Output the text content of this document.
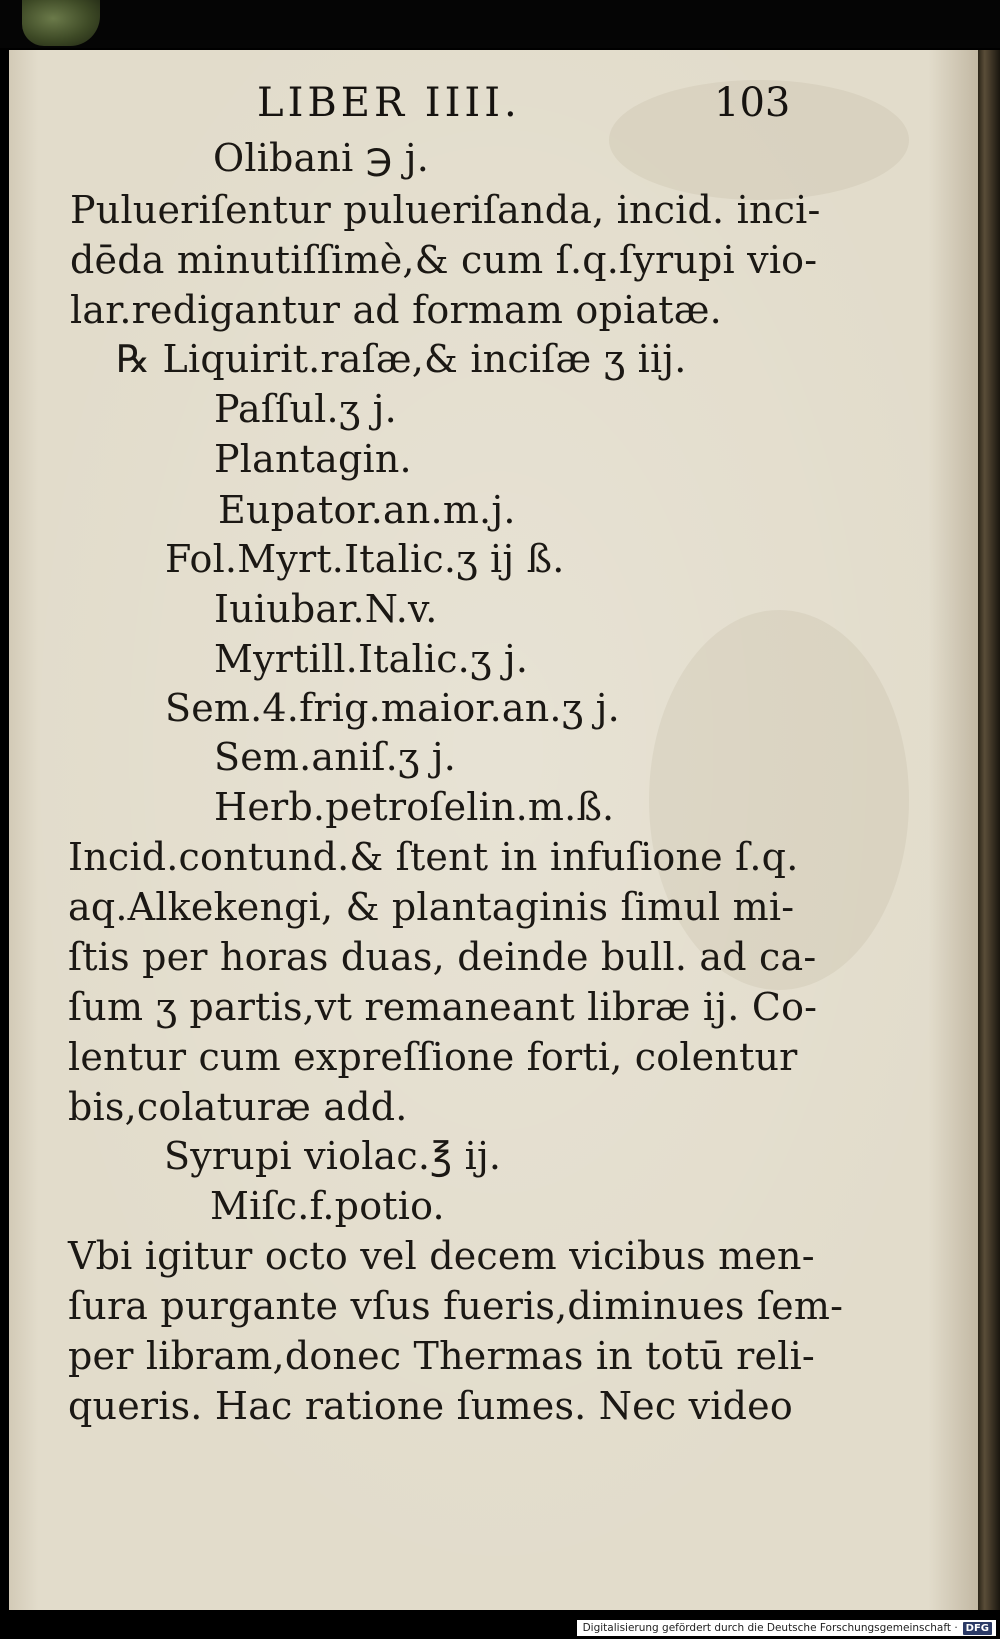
LIBER IIII.	103
Olibani ℈ j.
Pulueriſentur pulueriſanda, incid. inci-
dēda minutiſſimè,& cum ſ.q.ſyrupi vio-
lar.redigantur ad formam opiatæ.
℞ Liquirit.raſæ,& inciſæ ʒ iij.
Paſſul.ʒ j.
Plantagin.
Eupator.an.m.j.
Fol.Myrt.Italic.ʒ ij ß.
Iuiubar.N.v.
Myrtill.Italic.ʒ j.
Sem.4.frig.maior.an.ʒ j.
Sem.aniſ.ʒ j.
Herb.petroſelin.m.ß.
Incid.contund.& ſtent in infuſione ſ.q.
aq.Alkekengi, & plantaginis ſimul mi-
ſtis per horas duas, deinde bull. ad ca-
ſum ʒ partis,vt remaneant libræ ij. Co-
lentur cum expreſſione forti, colentur
bis,colaturæ add.
Syrupi violac.℥ ij.
Miſc.f.potio.
Vbi igitur octo vel decem vicibus men-
ſura purgante vſus fueris,diminues ſem-
per libram,donec Thermas in totū reli-
queris. Hac ratione ſumes. Nec video
Digitalisierung gefördert durch die Deutsche Forschungsgemeinschaft · DFG
